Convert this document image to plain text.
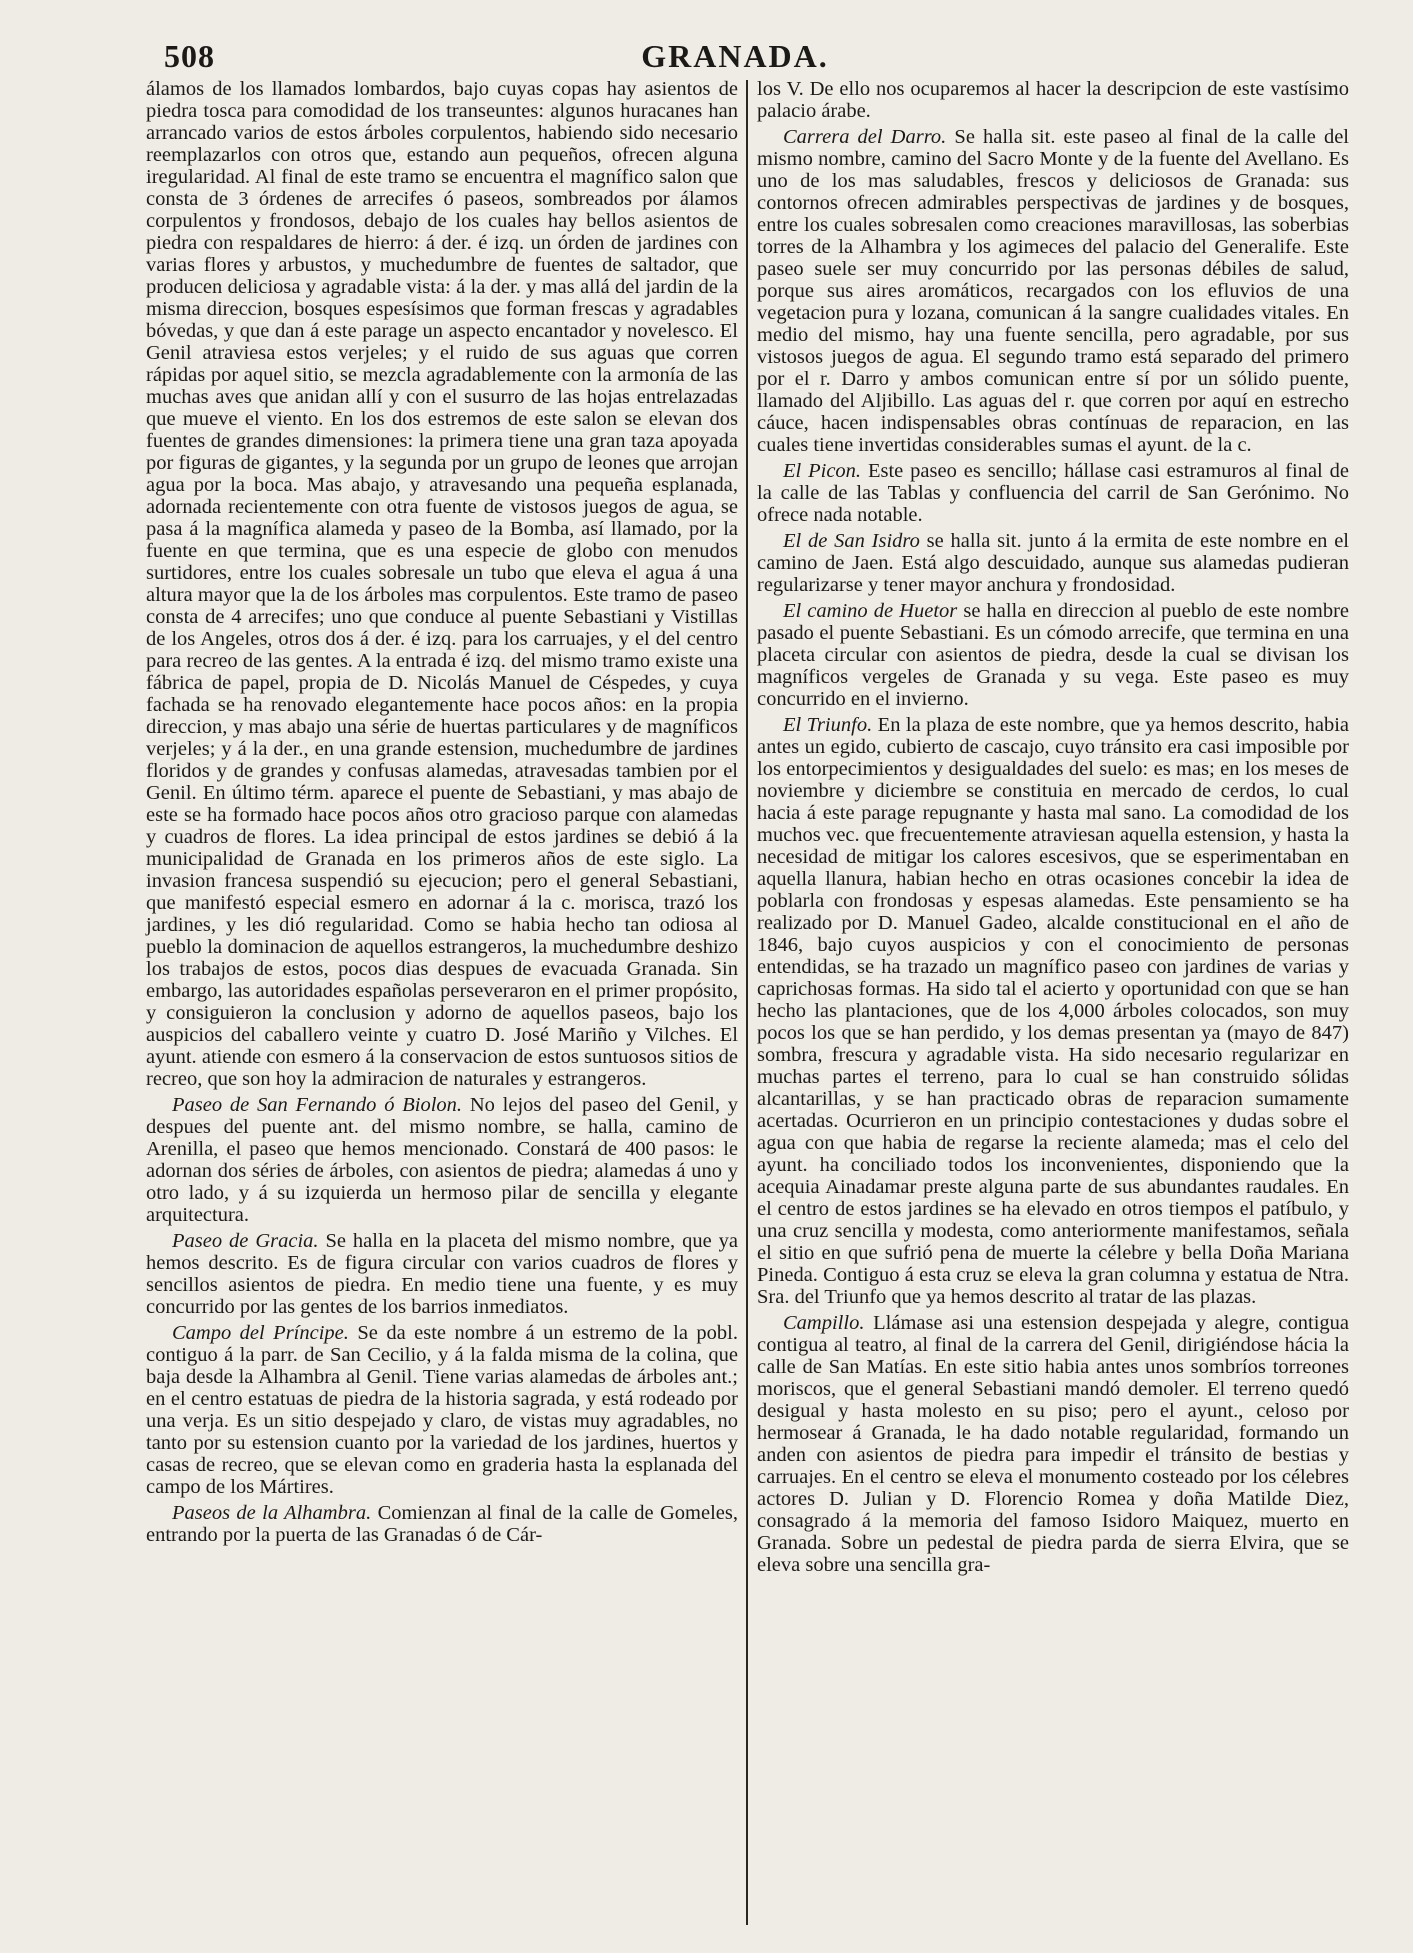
508	GRANADA.

álamos de los llamados lombardos, bajo cuyas copas hay asientos de piedra tosca para comodidad de los transeuntes: algunos huracanes han arrancado varios de estos árboles corpulentos, habiendo sido necesario reemplazarlos con otros que, estando aun pequeños, ofrecen alguna iregularidad. Al final de este tramo se encuentra el magnífico salon que consta de 3 órdenes de arrecifes ó paseos, sombreados por álamos corpulentos y frondosos, debajo de los cuales hay bellos asientos de piedra con respaldares de hierro: á der. é izq. un órden de jardines con varias flores y arbustos, y muchedumbre de fuentes de saltador, que producen deliciosa y agradable vista: á la der. y mas allá del jardin de la misma direccion, bosques espesísimos que forman frescas y agradables bóvedas, y que dan á este parage un aspecto encantador y novelesco. El Genil atraviesa estos verjeles; y el ruido de sus aguas que corren rápidas por aquel sitio, se mezcla agradablemente con la armonía de las muchas aves que anidan allí y con el susurro de las hojas entrelazadas que mueve el viento. En los dos estremos de este salon se elevan dos fuentes de grandes dimensiones: la primera tiene una gran taza apoyada por figuras de gigantes, y la segunda por un grupo de leones que arrojan agua por la boca. Mas abajo, y atravesando una pequeña esplanada, adornada recientemente con otra fuente de vistosos juegos de agua, se pasa á la magnífica alameda y paseo de la Bomba, así llamado, por la fuente en que termina, que es una especie de globo con menudos surtidores, entre los cuales sobresale un tubo que eleva el agua á una altura mayor que la de los árboles mas corpulentos. Este tramo de paseo consta de 4 arrecifes; uno que conduce al puente Sebastiani y Vistillas de los Angeles, otros dos á der. é izq. para los carruajes, y el del centro para recreo de las gentes. A la entrada é izq. del mismo tramo existe una fábrica de papel, propia de D. Nicolás Manuel de Céspedes, y cuya fachada se ha renovado elegantemente hace pocos años: en la propia direccion, y mas abajo una série de huertas particulares y de magníficos verjeles; y á la der., en una grande estension, muchedumbre de jardines floridos y de grandes y confusas alamedas, atravesadas tambien por el Genil. En último térm. aparece el puente de Sebastiani, y mas abajo de este se ha formado hace pocos años otro gracioso parque con alamedas y cuadros de flores. La idea principal de estos jardines se debió á la municipalidad de Granada en los primeros años de este siglo. La invasion francesa suspendió su ejecucion; pero el general Sebastiani, que manifestó especial esmero en adornar á la c. morisca, trazó los jardines, y les dió regularidad. Como se habia hecho tan odiosa al pueblo la dominacion de aquellos estrangeros, la muchedumbre deshizo los trabajos de estos, pocos dias despues de evacuada Granada. Sin embargo, las autoridades españolas perseveraron en el primer propósito, y consiguieron la conclusion y adorno de aquellos paseos, bajo los auspicios del caballero veinte y cuatro D. José Mariño y Vilches. El ayunt. atiende con esmero á la conservacion de estos suntuosos sitios de recreo, que son hoy la admiracion de naturales y estrangeros.

Paseo de San Fernando ó Biolon. No lejos del paseo del Genil, y despues del puente ant. del mismo nombre, se halla, camino de Arenilla, el paseo que hemos mencionado. Constará de 400 pasos: le adornan dos séries de árboles, con asientos de piedra; alamedas á uno y otro lado, y á su izquierda un hermoso pilar de sencilla y elegante arquitectura.

Paseo de Gracia. Se halla en la placeta del mismo nombre, que ya hemos descrito. Es de figura circular con varios cuadros de flores y sencillos asientos de piedra. En medio tiene una fuente, y es muy concurrido por las gentes de los barrios inmediatos.

Campo del Príncipe. Se da este nombre á un estremo de la pobl. contiguo á la parr. de San Cecilio, y á la falda misma de la colina, que baja desde la Alhambra al Genil. Tiene varias alamedas de árboles ant.; en el centro estatuas de piedra de la historia sagrada, y está rodeado por una verja. Es un sitio despejado y claro, de vistas muy agradables, no tanto por su estension cuanto por la variedad de los jardines, huertos y casas de recreo, que se elevan como en graderia hasta la esplanada del campo de los Mártires.

Paseos de la Alhambra. Comienzan al final de la calle de Gomeles, entrando por la puerta de las Granadas ó de Cár-

los V. De ello nos ocuparemos al hacer la descripcion de este vastísimo palacio árabe.

Carrera del Darro. Se halla sit. este paseo al final de la calle del mismo nombre, camino del Sacro Monte y de la fuente del Avellano. Es uno de los mas saludables, frescos y deliciosos de Granada: sus contornos ofrecen admirables perspectivas de jardines y de bosques, entre los cuales sobresalen como creaciones maravillosas, las soberbias torres de la Alhambra y los agimeces del palacio del Generalife. Este paseo suele ser muy concurrido por las personas débiles de salud, porque sus aires aromáticos, recargados con los efluvios de una vegetacion pura y lozana, comunican á la sangre cualidades vitales. En medio del mismo, hay una fuente sencilla, pero agradable, por sus vistosos juegos de agua. El segundo tramo está separado del primero por el r. Darro y ambos comunican entre sí por un sólido puente, llamado del Aljibillo. Las aguas del r. que corren por aquí en estrecho cáuce, hacen indispensables obras contínuas de reparacion, en las cuales tiene invertidas considerables sumas el ayunt. de la c.

El Picon. Este paseo es sencillo; hállase casi estramuros al final de la calle de las Tablas y confluencia del carril de San Gerónimo. No ofrece nada notable.

El de San Isidro se halla sit. junto á la ermita de este nombre en el camino de Jaen. Está algo descuidado, aunque sus alamedas pudieran regularizarse y tener mayor anchura y frondosidad.

El camino de Huetor se halla en direccion al pueblo de este nombre pasado el puente Sebastiani. Es un cómodo arrecife, que termina en una placeta circular con asientos de piedra, desde la cual se divisan los magníficos vergeles de Granada y su vega. Este paseo es muy concurrido en el invierno.

El Triunfo. En la plaza de este nombre, que ya hemos descrito, habia antes un egido, cubierto de cascajo, cuyo tránsito era casi imposible por los entorpecimientos y desigualdades del suelo: es mas; en los meses de noviembre y diciembre se constituia en mercado de cerdos, lo cual hacia á este parage repugnante y hasta mal sano. La comodidad de los muchos vec. que frecuentemente atraviesan aquella estension, y hasta la necesidad de mitigar los calores escesivos, que se esperimentaban en aquella llanura, habian hecho en otras ocasiones concebir la idea de poblarla con frondosas y espesas alamedas. Este pensamiento se ha realizado por D. Manuel Gadeo, alcalde constitucional en el año de 1846, bajo cuyos auspicios y con el conocimiento de personas entendidas, se ha trazado un magnífico paseo con jardines de varias y caprichosas formas. Ha sido tal el acierto y oportunidad con que se han hecho las plantaciones, que de los 4,000 árboles colocados, son muy pocos los que se han perdido, y los demas presentan ya (mayo de 847) sombra, frescura y agradable vista. Ha sido necesario regularizar en muchas partes el terreno, para lo cual se han construido sólidas alcantarillas, y se han practicado obras de reparacion sumamente acertadas. Ocurrieron en un principio contestaciones y dudas sobre el agua con que habia de regarse la reciente alameda; mas el celo del ayunt. ha conciliado todos los inconvenientes, disponiendo que la acequia Ainadamar preste alguna parte de sus abundantes raudales. En el centro de estos jardines se ha elevado en otros tiempos el patíbulo, y una cruz sencilla y modesta, como anteriormente manifestamos, señala el sitio en que sufrió pena de muerte la célebre y bella Doña Mariana Pineda. Contiguo á esta cruz se eleva la gran columna y estatua de Ntra. Sra. del Triunfo que ya hemos descrito al tratar de las plazas.

Campillo. Llámase asi una estension despejada y alegre, contigua contigua al teatro, al final de la carrera del Genil, dirigiéndose hácia la calle de San Matías. En este sitio habia antes unos sombríos torreones moriscos, que el general Sebastiani mandó demoler. El terreno quedó desigual y hasta molesto en su piso; pero el ayunt., celoso por hermosear á Granada, le ha dado notable regularidad, formando un anden con asientos de piedra para impedir el tránsito de bestias y carruajes. En el centro se eleva el monumento costeado por los célebres actores D. Julian y D. Florencio Romea y doña Matilde Diez, consagrado á la memoria del famoso Isidoro Maiquez, muerto en Granada. Sobre un pedestal de piedra parda de sierra Elvira, que se eleva sobre una sencilla gra-
